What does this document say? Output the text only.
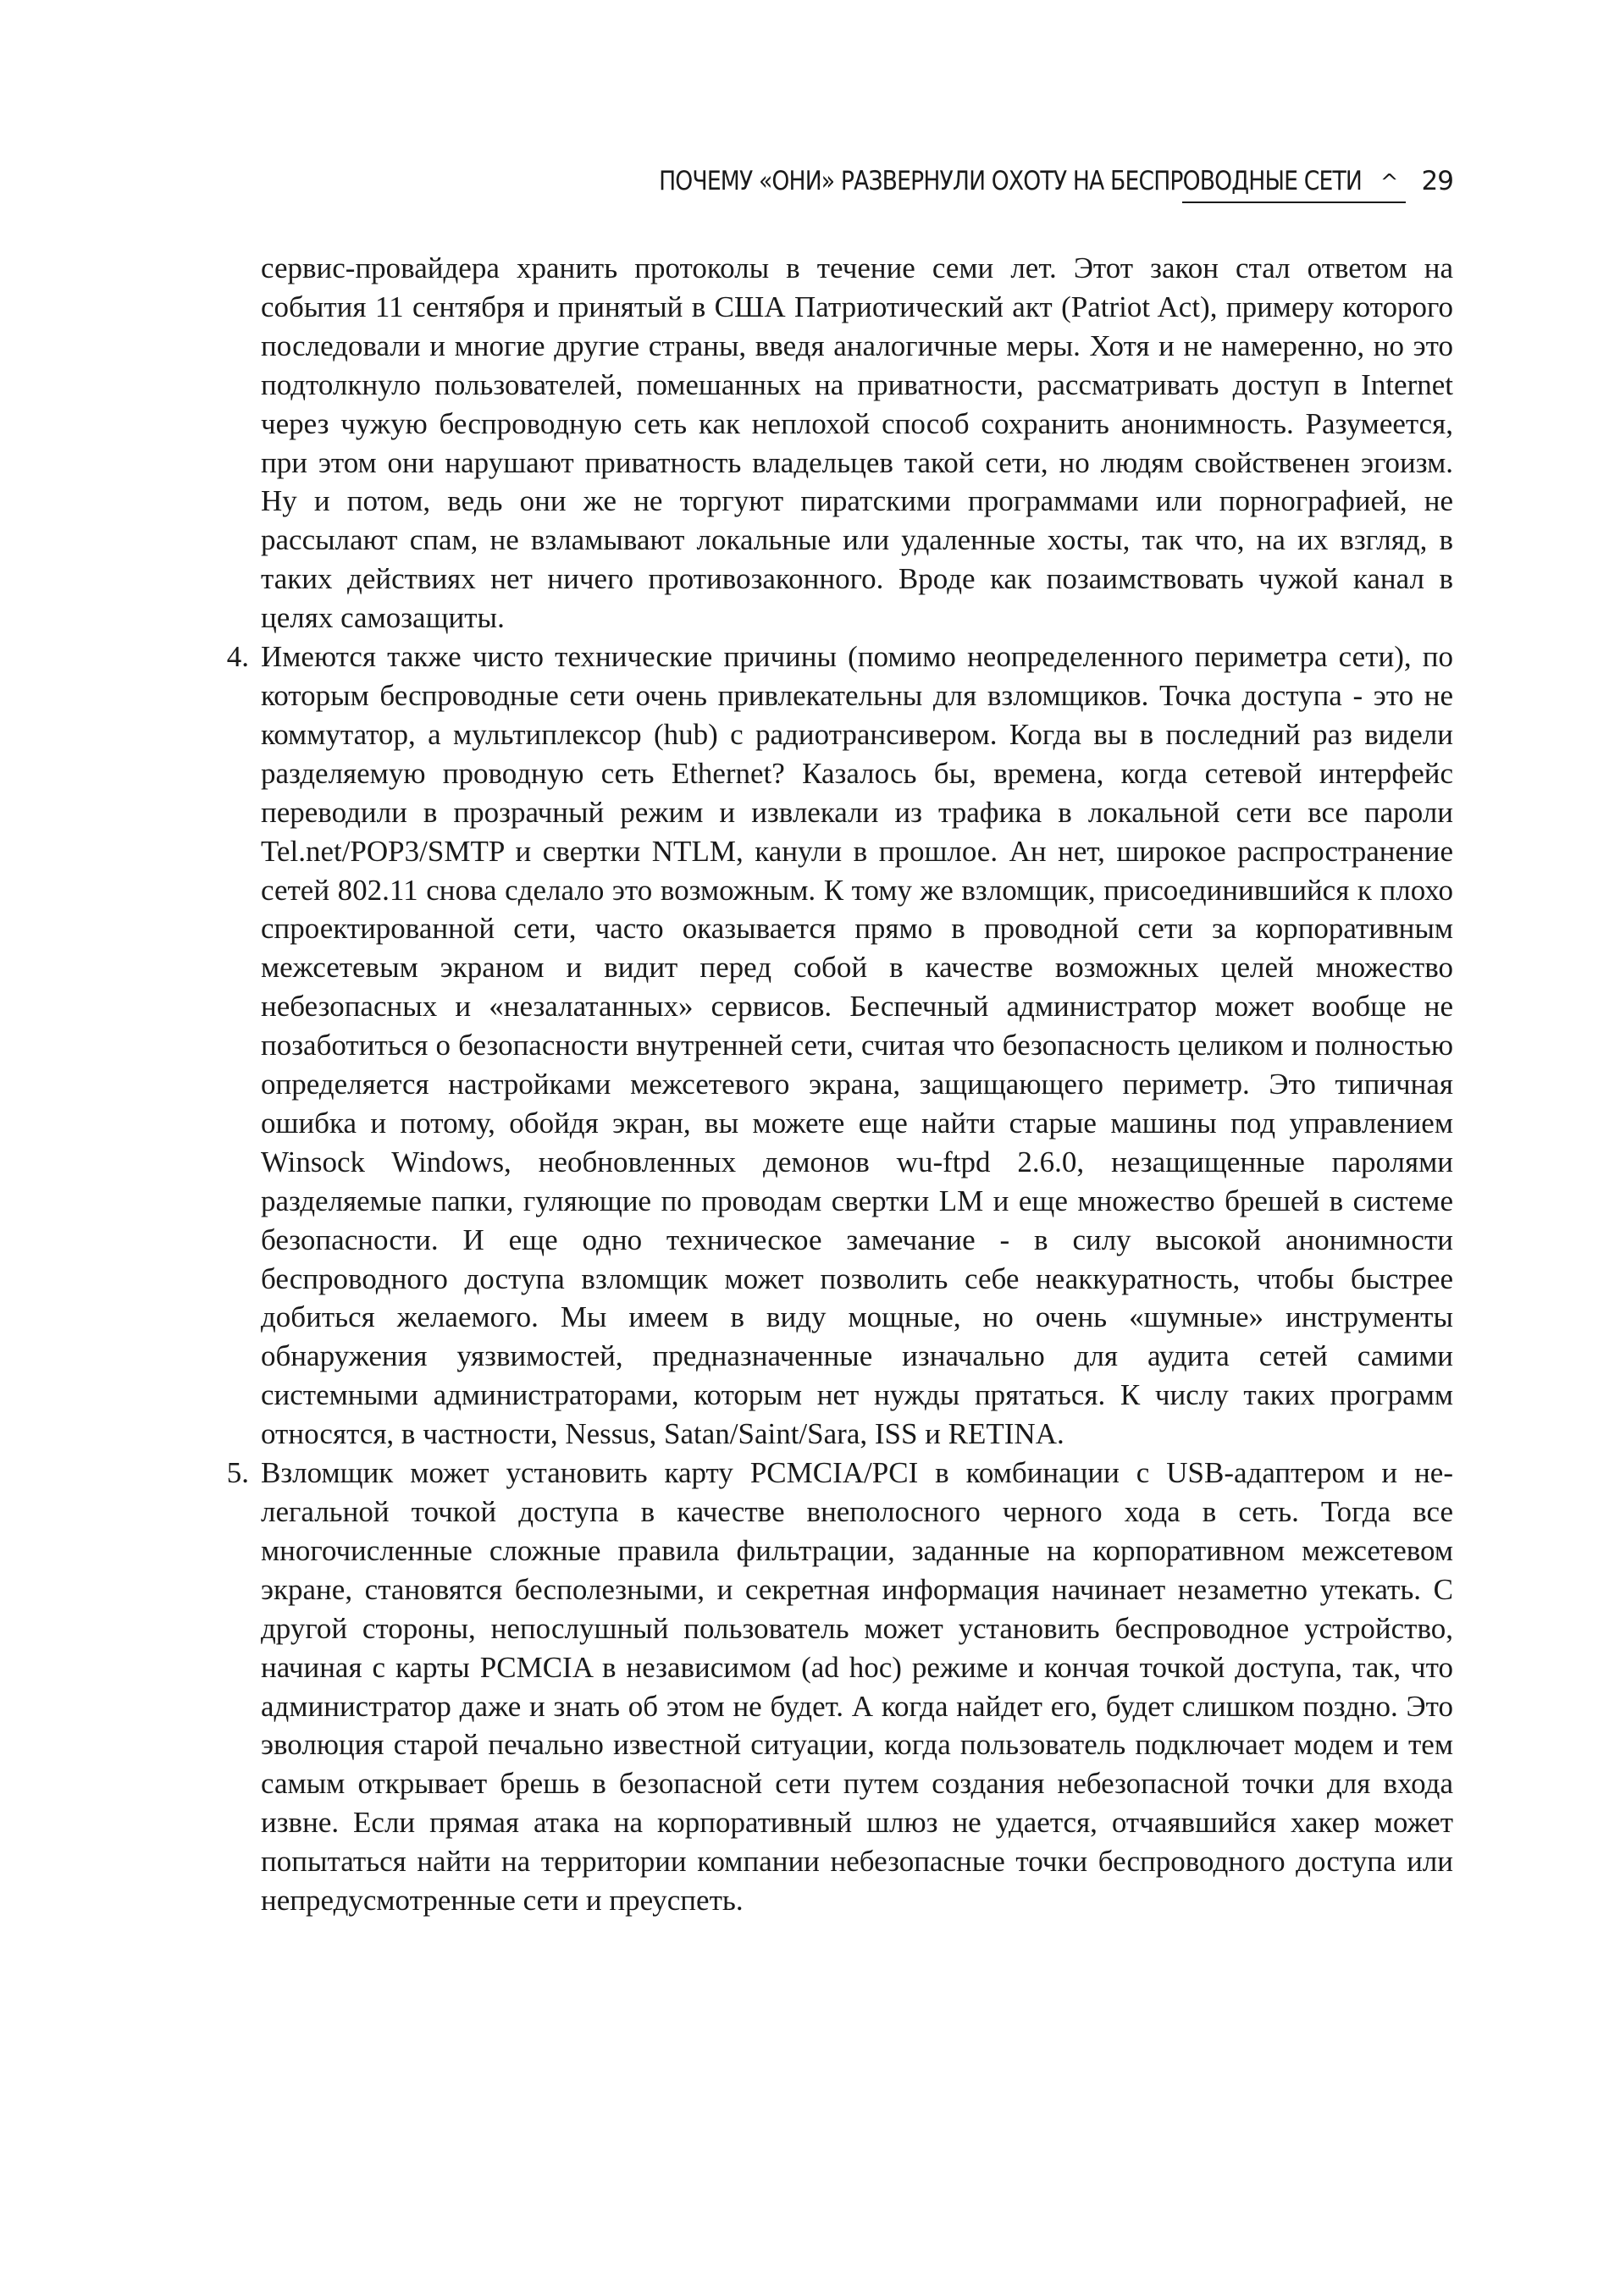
ПОЧЕМУ «ОНИ» РАЗВЕРНУЛИ ОХОТУ НА БЕСПРОВОДНЫЕ СЕТИ ^ 29

сервис-провайдера хранить протоколы в течение семи лет. Этот закон стал ответом на события 11 сентября и принятый в США Патриотический акт (Patriot Act), примеру которого последовали и многие другие страны, введя аналогичные меры. Хотя и не намеренно, но это подтолкнуло пользователей, помешанных на приватности, рассматривать доступ в Internet через чужую беспроводную сеть как неплохой способ сохранить анонимность. Разумеется, при этом они нарушают приватность владельцев такой сети, но людям свойственен эгоизм. Ну и потом, ведь они же не торгуют пиратскими программами или порнографией, не рассылают спам, не взламывают локальные или удаленные хосты, так что, на их взгляд, в таких действиях нет ничего противозаконного. Вроде как позаимствовать чужой канал в целях самозащиты.

4. Имеются также чисто технические причины (помимо неопределенного периметра сети), по которым беспроводные сети очень привлекательны для взломщиков. Точка доступа - это не коммутатор, а мультиплексор (hub) с радиотрансивером. Когда вы в последний раз видели разделяемую проводную сеть Ethernet? Казалось бы, времена, когда сетевой интерфейс переводили в прозрачный режим и извлекали из трафика в локальной сети все пароли Tel.net/POP3/SMTP и свертки NTLM, канули в прошлое. Ан нет, широкое распространение сетей 802.11 снова сделало это возможным. К тому же взломщик, присоединившийся к плохо спроектированной сети, часто оказывается прямо в проводной сети за корпоративным межсетевым экраном и видит перед собой в качестве возможных целей множество небезопасных и «незалатанных» сервисов. Беспечный администратор может вообще не позаботиться о безопасности внутренней сети, считая что безопасность целиком и полностью определяется настройками межсетевого экрана, защищающего периметр. Это типичная ошибка и потому, обойдя экран, вы можете еще найти старые машины под управлением Winsock Windows, необновленных демонов wu-ftpd 2.6.0, незащищенные паролями разделяемые папки, гуляющие по проводам свертки LM и еще множество брешей в системе безопасности. И еще одно техническое замечание - в силу высокой анонимности беспроводного доступа взломщик может позволить себе неаккуратность, чтобы быстрее добиться желаемого. Мы имеем в виду мощные, но очень «шумные» инструменты обнаружения уязвимостей, предназначенные изначально для аудита сетей самими системными администраторами, которым нет нужды прятаться. К числу таких программ относятся, в частности, Nessus, Satan/Saint/Sara, ISS и RETINA.

5. Взломщик может установить карту PCMCIA/PCI в комбинации с USB-адаптером и нелегальной точкой доступа в качестве внеполосного черного хода в сеть. Тогда все многочисленные сложные правила фильтрации, заданные на корпоративном межсетевом экране, становятся бесполезными, и секретная информация начинает незаметно утекать. С другой стороны, непослушный пользователь может установить беспроводное устройство, начиная с карты PCMCIA в независимом (ad hoc) режиме и кончая точкой доступа, так, что администратор даже и знать об этом не будет. А когда найдет его, будет слишком поздно. Это эволюция старой печально известной ситуации, когда пользователь подключает модем и тем самым открывает брешь в безопасной сети путем создания небезопасной точки для входа извне. Если прямая атака на корпоративный шлюз не удается, отчаявшийся хакер может попытаться найти на территории компании небезопасные точки беспроводного доступа или непредусмотренные сети и преуспеть.
